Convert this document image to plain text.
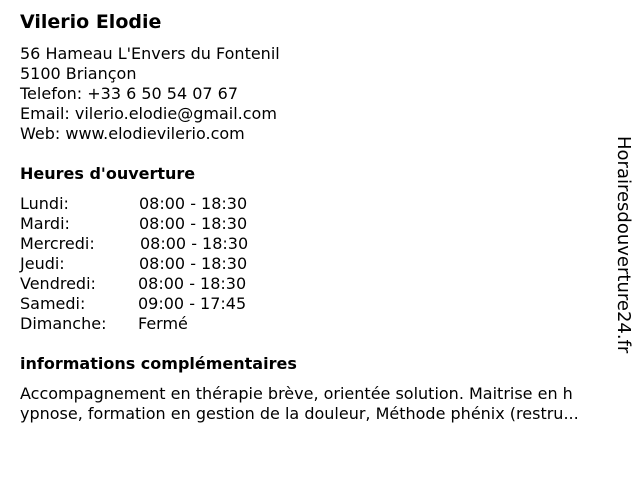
Vilerio Elodie
56 Hameau L'Envers du Fontenil
5100 Briançon
Telefon: +33 6 50 54 07 67
Email: vilerio.elodie@gmail.com
Web: www.elodievilerio.com
Heures d'ouverture
Lundi:	08:00 - 18:30
Mardi:	08:00 - 18:30
Mercredi:	08:00 - 18:30
Jeudi:	08:00 - 18:30
Vendredi:	08:00 - 18:30
Samedi:	09:00 - 17:45
Dimanche: Fermé
informations complémentaires
Accompagnement en thérapie brève, orientée solution. Maitrise en h
ypnose, formation en gestion de la douleur, Méthode phénix (restru...
Horairesdouverture24.fr
